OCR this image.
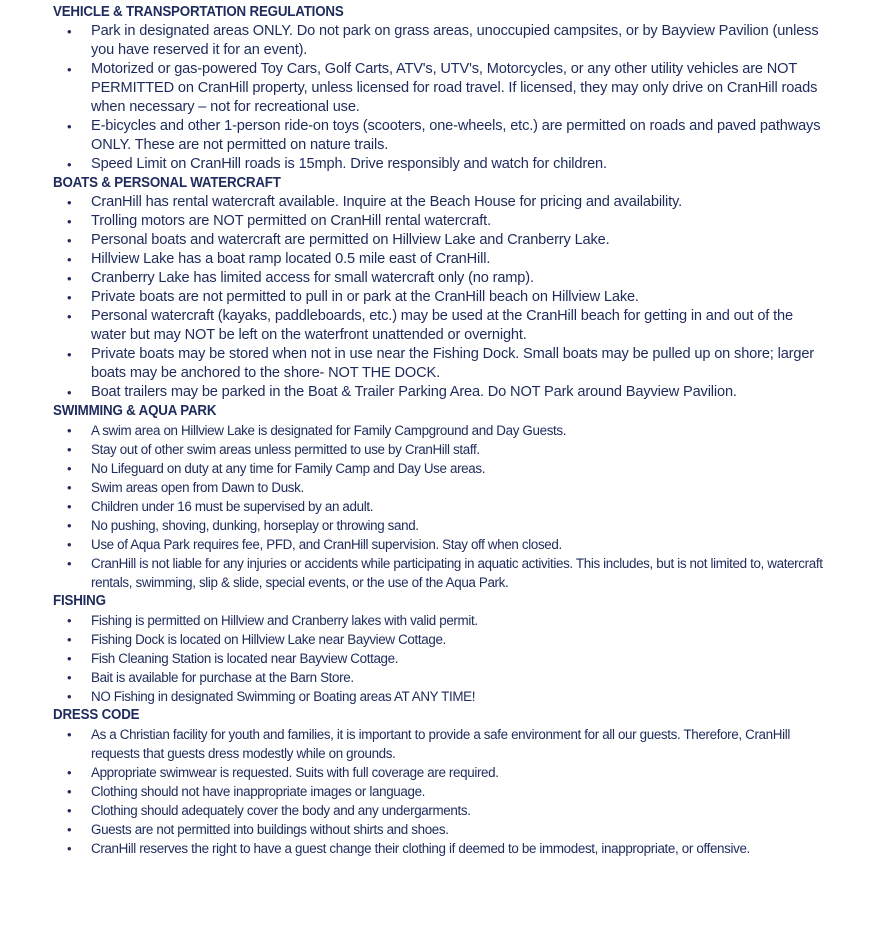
VEHICLE & TRANSPORTATION REGULATIONS
• Park in designated areas ONLY. Do not park on grass areas, unoccupied campsites, or by Bayview Pavilion (unless you have reserved it for an event).
• Motorized or gas-powered Toy Cars, Golf Carts, ATV's, UTV's, Motorcycles, or any other utility vehicles are NOT PERMITTED on CranHill property, unless licensed for road travel. If licensed, they may only drive on CranHill roads when necessary – not for recreational use.
• E-bicycles and other 1-person ride-on toys (scooters, one-wheels, etc.) are permitted on roads and paved pathways ONLY. These are not permitted on nature trails.
• Speed Limit on CranHill roads is 15mph. Drive responsibly and watch for children.
BOATS & PERSONAL WATERCRAFT
• CranHill has rental watercraft available. Inquire at the Beach House for pricing and availability.
• Trolling motors are NOT permitted on CranHill rental watercraft.
• Personal boats and watercraft are permitted on Hillview Lake and Cranberry Lake.
• Hillview Lake has a boat ramp located 0.5 mile east of CranHill.
• Cranberry Lake has limited access for small watercraft only (no ramp).
• Private boats are not permitted to pull in or park at the CranHill beach on Hillview Lake.
• Personal watercraft (kayaks, paddleboards, etc.) may be used at the CranHill beach for getting in and out of the water but may NOT be left on the waterfront unattended or overnight.
• Private boats may be stored when not in use near the Fishing Dock. Small boats may be pulled up on shore; larger boats may be anchored to the shore- NOT THE DOCK.
• Boat trailers may be parked in the Boat & Trailer Parking Area. Do NOT Park around Bayview Pavilion.
SWIMMING & AQUA PARK
• A swim area on Hillview Lake is designated for Family Campground and Day Guests.
• Stay out of other swim areas unless permitted to use by CranHill staff.
• No Lifeguard on duty at any time for Family Camp and Day Use areas.
• Swim areas open from Dawn to Dusk.
• Children under 16 must be supervised by an adult.
• No pushing, shoving, dunking, horseplay or throwing sand.
• Use of Aqua Park requires fee, PFD, and CranHill supervision. Stay off when closed.
• CranHill is not liable for any injuries or accidents while participating in aquatic activities. This includes, but is not limited to, watercraft rentals, swimming, slip & slide, special events, or the use of the Aqua Park.
FISHING
• Fishing is permitted on Hillview and Cranberry lakes with valid permit.
• Fishing Dock is located on Hillview Lake near Bayview Cottage.
• Fish Cleaning Station is located near Bayview Cottage.
• Bait is available for purchase at the Barn Store.
• NO Fishing in designated Swimming or Boating areas AT ANY TIME!
DRESS CODE
• As a Christian facility for youth and families, it is important to provide a safe environment for all our guests. Therefore, CranHill requests that guests dress modestly while on grounds.
• Appropriate swimwear is requested. Suits with full coverage are required.
• Clothing should not have inappropriate images or language.
• Clothing should adequately cover the body and any undergarments.
• Guests are not permitted into buildings without shirts and shoes.
• CranHill reserves the right to have a guest change their clothing if deemed to be immodest, inappropriate, or offensive.
